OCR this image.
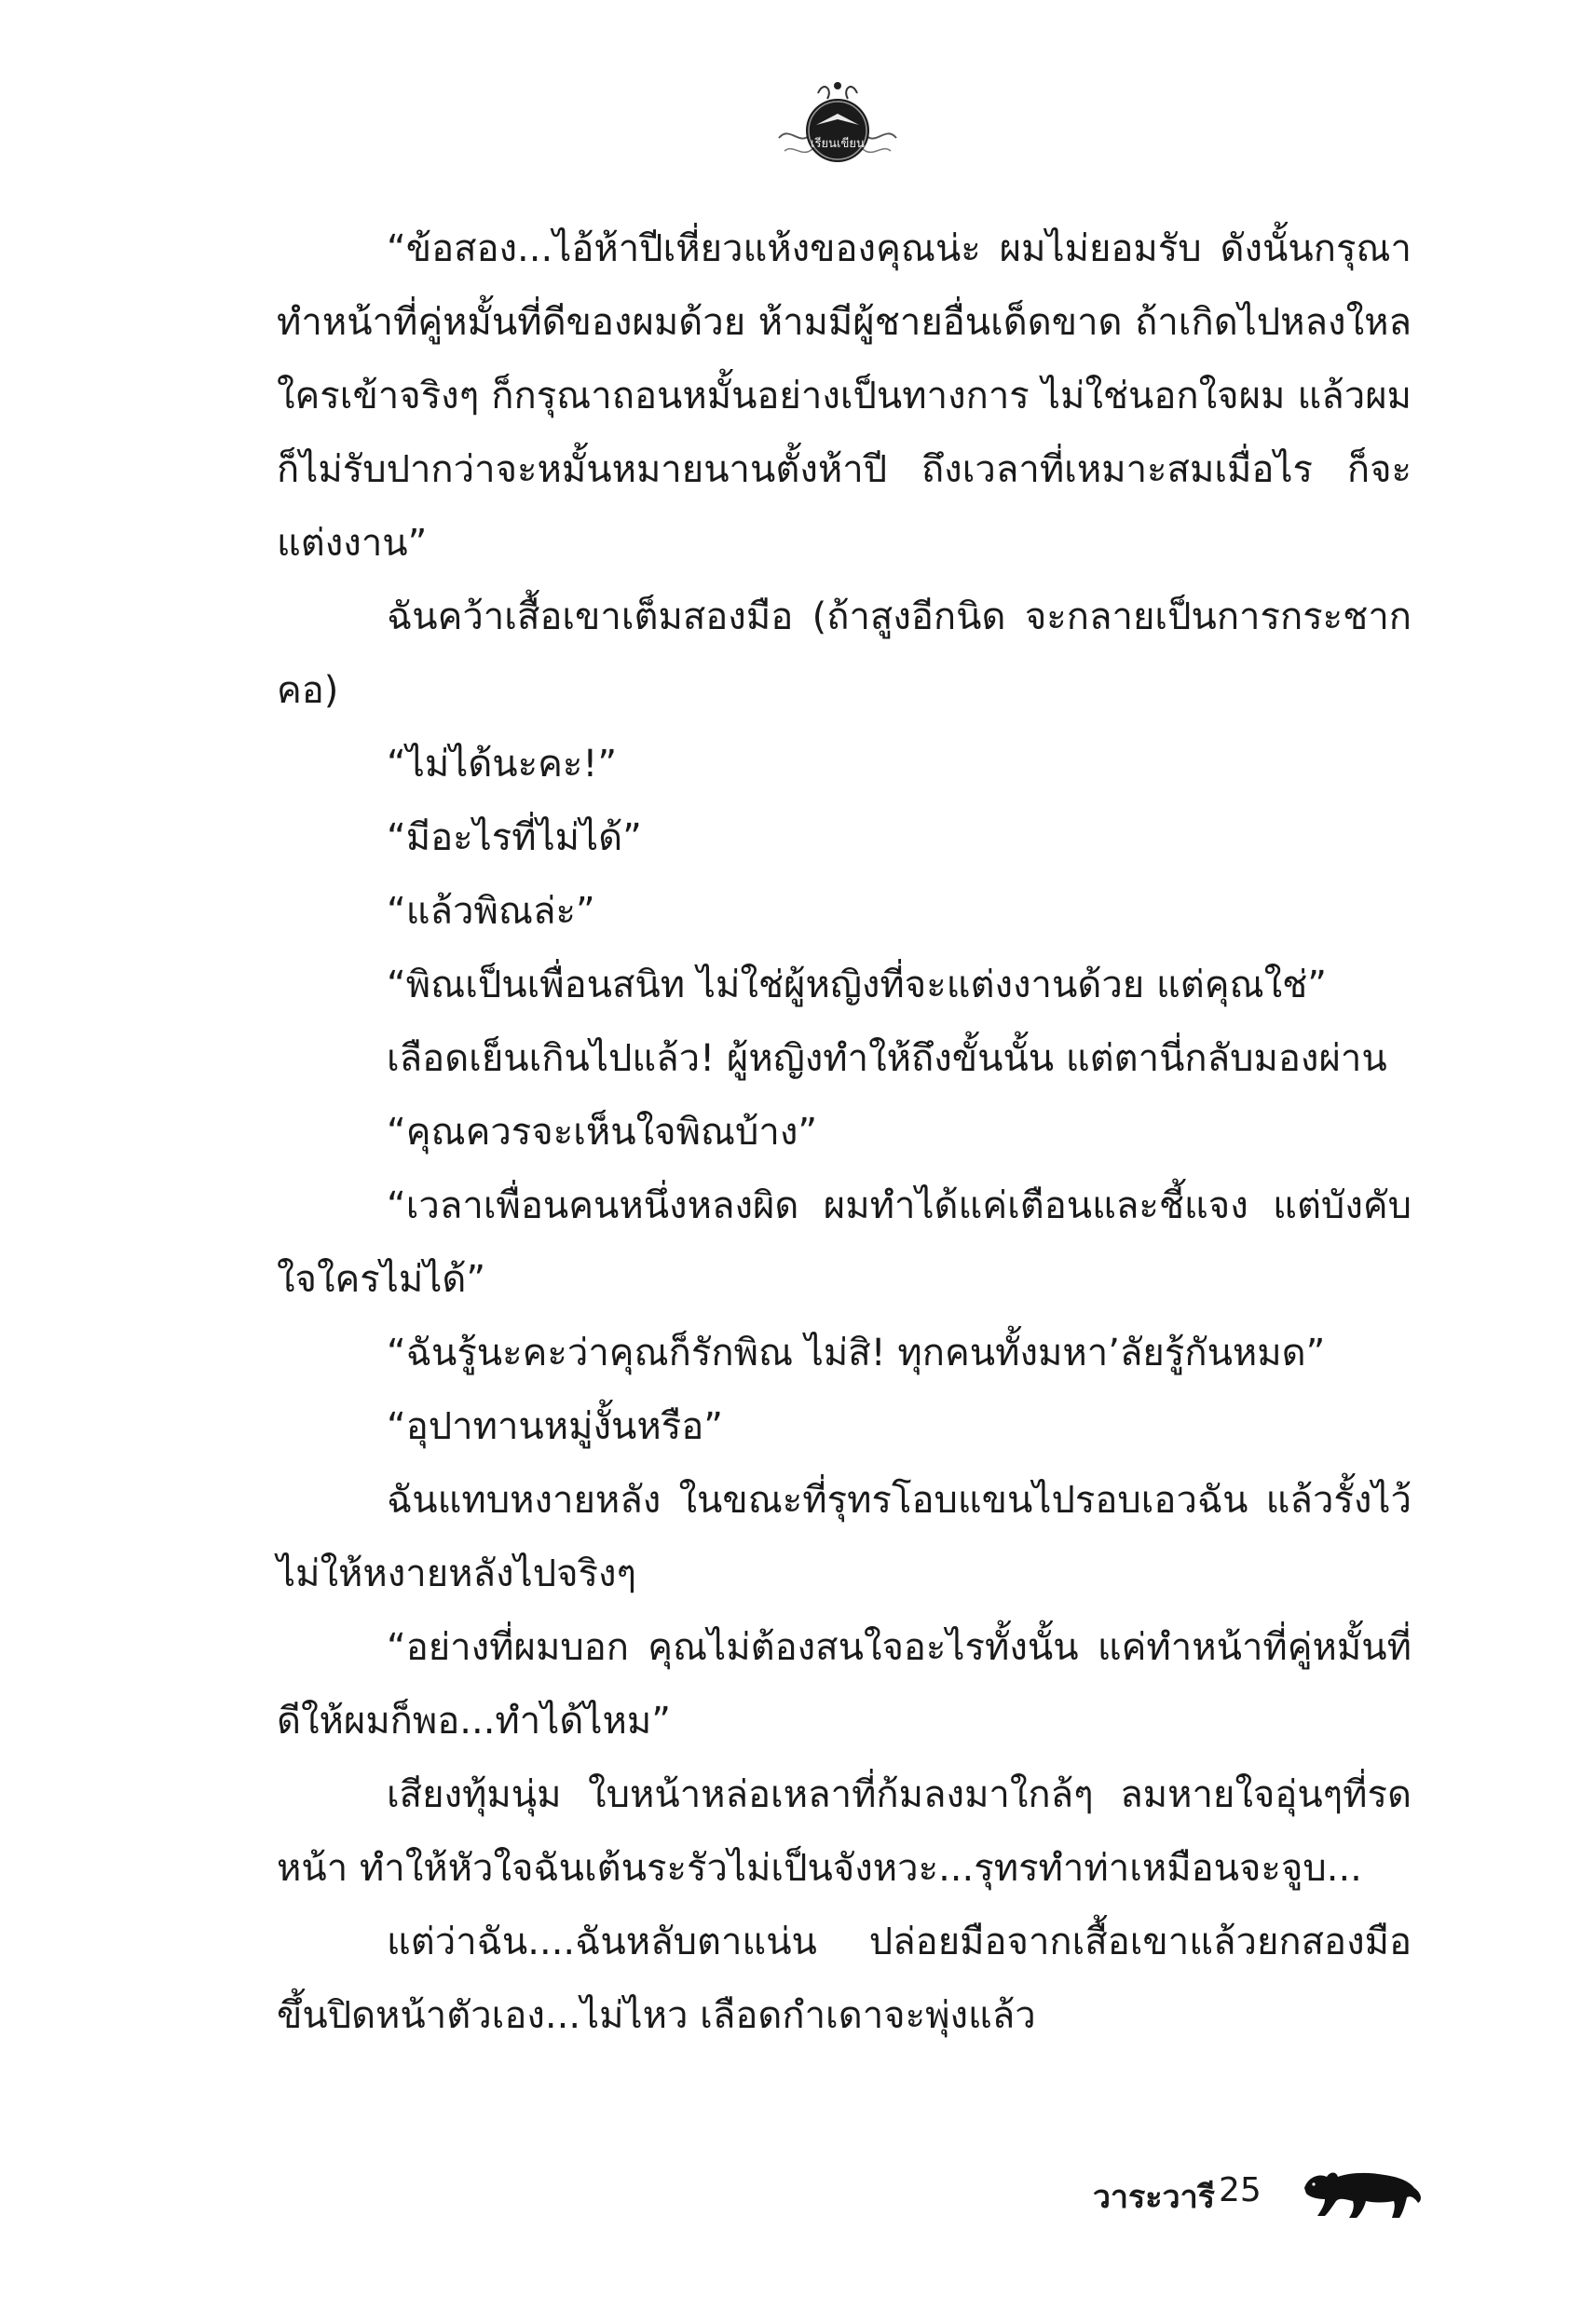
เรียนเขียน

“ข้อสอง...ไอ้ห้าปีเหี่ยวแห้งของคุณน่ะ ผมไม่ยอมรับ ดังนั้นกรุณาทำหน้าที่คู่หมั้นที่ดีของผมด้วย ห้ามมีผู้ชายอื่นเด็ดขาด ถ้าเกิดไปหลงใหลใครเข้าจริงๆ ก็กรุณาถอนหมั้นอย่างเป็นทางการ ไม่ใช่นอกใจผม แล้วผมก็ไม่รับปากว่าจะหมั้นหมายนานตั้งห้าปี ถึงเวลาที่เหมาะสมเมื่อไร ก็จะแต่งงาน”

ฉันคว้าเสื้อเขาเต็มสองมือ (ถ้าสูงอีกนิด จะกลายเป็นการกระชากคอ)

“ไม่ได้นะคะ!”

“มีอะไรที่ไม่ได้”

“แล้วพิณล่ะ”

“พิณเป็นเพื่อนสนิท ไม่ใช่ผู้หญิงที่จะแต่งงานด้วย แต่คุณใช่”

เลือดเย็นเกินไปแล้ว! ผู้หญิงทำให้ถึงขั้นนั้น แต่ตานี่กลับมองผ่าน

“คุณควรจะเห็นใจพิณบ้าง”

“เวลาเพื่อนคนหนึ่งหลงผิด ผมทำได้แค่เตือนและชี้แจง แต่บังคับใจใครไม่ได้”

“ฉันรู้นะคะว่าคุณก็รักพิณ ไม่สิ! ทุกคนทั้งมหา’ลัยรู้กันหมด”

“อุปาทานหมู่งั้นหรือ”

ฉันแทบหงายหลัง ในขณะที่รุทรโอบแขนไปรอบเอวฉัน แล้วรั้งไว้ไม่ให้หงายหลังไปจริงๆ

“อย่างที่ผมบอก คุณไม่ต้องสนใจอะไรทั้งนั้น แค่ทำหน้าที่คู่หมั้นที่ดีให้ผมก็พอ...ทำได้ไหม”

เสียงทุ้มนุ่ม ใบหน้าหล่อเหลาที่ก้มลงมาใกล้ๆ ลมหายใจอุ่นๆที่รดหน้า ทำให้หัวใจฉันเต้นระรัวไม่เป็นจังหวะ...รุทรทำท่าเหมือนจะจูบ...

แต่ว่าฉัน....ฉันหลับตาแน่น ปล่อยมือจากเสื้อเขาแล้วยกสองมือขึ้นปิดหน้าตัวเอง...ไม่ไหว เลือดกำเดาจะพุ่งแล้ว

วาระวารี 25
